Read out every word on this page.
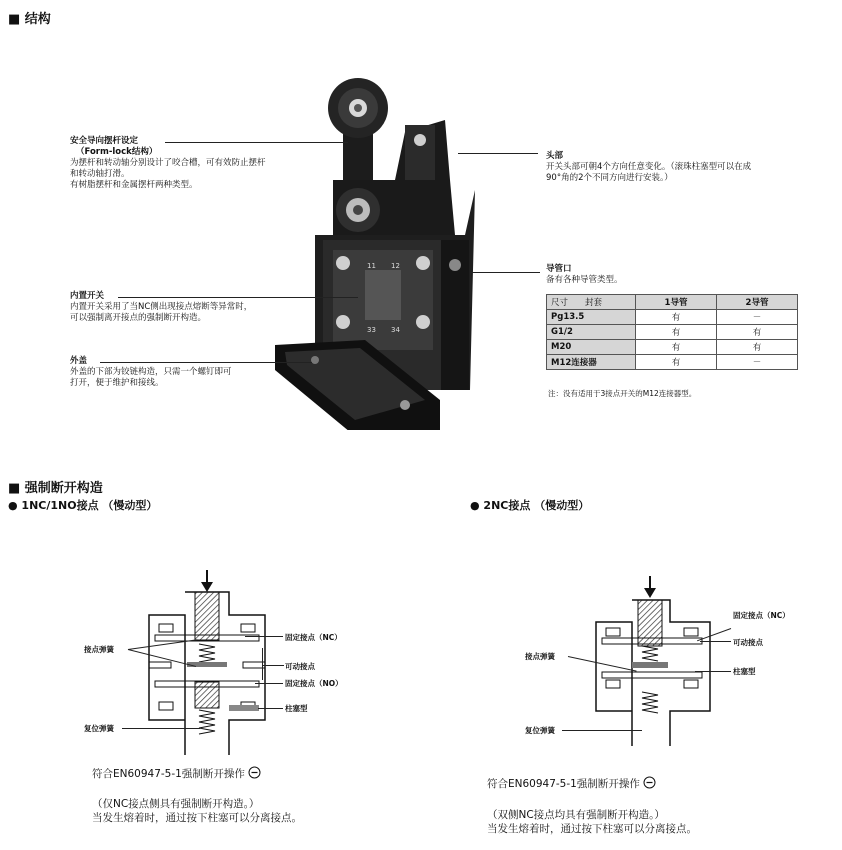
■ 结构
11 12
33 34
安全导向摆杆设定
（Form-lock结构）
为摆杆和转动轴分别设计了咬合槽，可有效防止摆杆
和转动轴打滑。
有树脂摆杆和金属摆杆两种类型。
头部
开关头部可朝4个方向任意变化。（滚珠柱塞型可以在成
90°角的2个不同方向进行安装。）
内置开关
内置开关采用了当NC侧出现接点熔断等异常时，
可以强制离开接点的强制断开构造。
外盖
外盖的下部为铰链构造，只需一个螺钉即可
打开，便于维护和接线。
导管口
备有各种导管类型。
尺寸　　封套	1导管	2导管
Pg13.5	有	－
G1/2	有	有
M20	有	有
M12连接器	有	－
注：没有适用于3接点开关的M12连接器型。
■ 强制断开构造
● 1NC/1NO接点 （慢动型）	● 2NC接点 （慢动型）
接点弹簧
固定接点（NC）
可动接点
固定接点（NO）
柱塞型
复位弹簧
固定接点（NC）
可动接点
柱塞型
接点弹簧
复位弹簧
符合EN60947-5-1强制断开操作
（仅NC接点侧具有强制断开构造。）
当发生熔着时，通过按下柱塞可以分离接点。
符合EN60947-5-1强制断开操作
（双侧NC接点均具有强制断开构造。）
当发生熔着时，通过按下柱塞可以分离接点。
